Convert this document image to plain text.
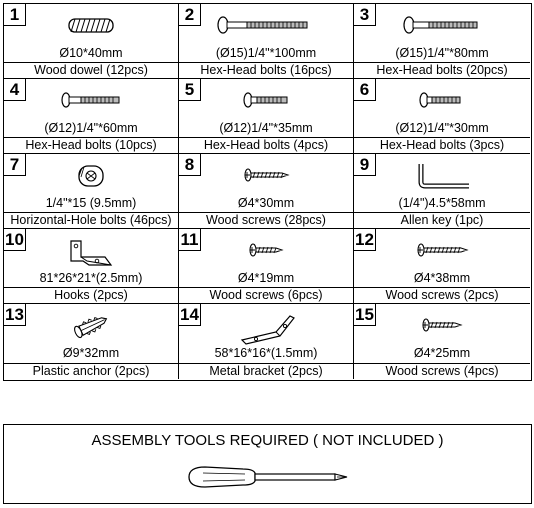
1
Ø10*40mm
Wood dowel (12pcs)
2
(Ø15)1/4"*100mm
Hex-Head bolts (16pcs)
3
(Ø15)1/4"*80mm
Hex-Head bolts (20pcs)
4
(Ø12)1/4"*60mm
Hex-Head bolts (10pcs)
5
(Ø12)1/4"*35mm
Hex-Head bolts (4pcs)
6
(Ø12)1/4"*30mm
Hex-Head bolts (3pcs)
7
1/4"*15 (9.5mm)
Horizontal-Hole bolts (46pcs)
8
Ø4*30mm
Wood screws (28pcs)
9
(1/4")4.5*58mm
Allen key (1pc)
10
81*26*21*(2.5mm)
Hooks (2pcs)
11
Ø4*19mm
Wood screws (6pcs)
12
Ø4*38mm
Wood screws (2pcs)
13
Ø9*32mm
Plastic anchor (2pcs)
14
58*16*16*(1.5mm)
Metal bracket (2pcs)
15
Ø4*25mm
Wood screws (4pcs)
ASSEMBLY TOOLS REQUIRED ( NOT INCLUDED )
